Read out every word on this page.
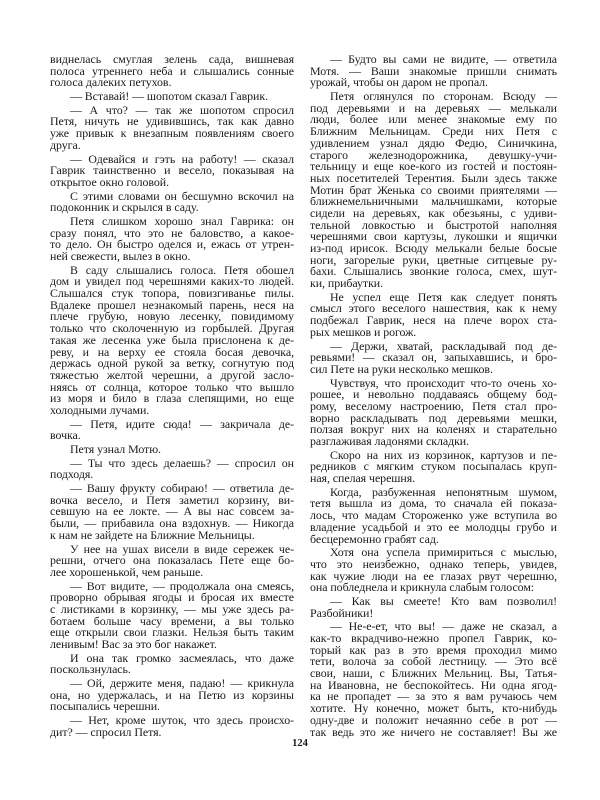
виднелась смуглая зелень сада, вишневая
полоса утреннего неба и слышались сонные
голоса далеких петухов.
— Вставай! — шопотом сказал Гаврик.
— А что? — так же шопотом спросил
Петя, ничуть не удивившись, так как давно
уже привык к внезапным появлениям своего
друга.
— Одевайся и гэть на работу! — сказал
Гаврик таинственно и весело, показывая на
открытое окно головой.
С этими словами он бесшумно вскочил на
подоконник и скрылся в саду.
Петя слишком хорошо знал Гаврика: он
сразу понял, что это не баловство, а какое-
то дело. Он быстро оделся и, ежась от утрен-
ней свежести, вылез в окно.
В саду слышались голоса. Петя обошел
дом и увидел под черешнями каких-то людей.
Слышался стук топора, повизгиванье пилы.
Вдалеке прошел незнакомый парень, неся на
плече грубую, новую лесенку, повидимому
только что сколоченную из горбылей. Другая
такая же лесенка уже была прислонена к де-
реву, и на верху ее стояла босая девочка,
держась одной рукой за ветку, согнутую под
тяжестью желтой черешни, а другой засло-
няясь от солнца, которое только что вышло
из моря и било в глаза слепящими, но еще
холодными лучами.
— Петя, идите сюда! — закричала де-
вочка.
Петя узнал Мотю.
— Ты что здесь делаешь? — спросил он
подходя.
— Вашу фрукту собираю! — ответила де-
вочка весело, и Петя заметил корзину, ви-
севшую на ее локте. — А вы нас совсем за-
были, — прибавила она вздохнув. — Никогда
к нам не зайдете на Ближние Мельницы.
У нее на ушах висели в виде сережек че-
решни, отчего она показалась Пете еще бо-
лее хорошенькой, чем раньше.
— Вот видите, — продолжала она смеясь,
проворно обрывая ягоды и бросая их вместе
с листиками в корзинку, — мы уже здесь ра-
ботаем больше часу времени, а вы только
еще открыли свои глазки. Нельзя быть таким
ленивым! Вас за это бог накажет.
И она так громко засмеялась, что даже
поскользнулась.
— Ой, держите меня, падаю! — крикнула
она, но удержалась, и на Петю из корзины
посыпались черешни.
— Нет, кроме шуток, что здесь происхо-
дит? — спросил Петя.
— Будто вы сами не видите, — ответила
Мотя. — Ваши знакомые пришли снимать
урожай, чтобы он даром не пропал.
Петя оглянулся по сторонам. Всюду —
под деревьями и на деревьях — мелькали
люди, более или менее знакомые ему по
Ближним Мельницам. Среди них Петя с
удивлением узнал дядю Федю, Синичкина,
старого железнодорожника, девушку-учи-
тельницу и еще кое-кого из гостей и постоян-
ных посетителей Терентия. Были здесь также
Мотин брат Женька со своими приятелями —
ближнемельничными мальчишками, которые
сидели на деревьях, как обезьяны, с удиви-
тельной ловкостью и быстротой наполняя
черешнями свои картузы, лукошки и ящички
из-под ирисок. Всюду мелькали белые босые
ноги, загорелые руки, цветные ситцевые ру-
бахи. Слышались звонкие голоса, смех, шут-
ки, прибаутки.
Не успел еще Петя как следует понять
смысл этого веселого нашествия, как к нему
подбежал Гаврик, неся на плече ворох ста-
рых мешков и рогож.
— Держи, хватай, раскладывай под де-
ревьями! — сказал он, запыхавшись, и бро-
сил Пете на руки несколько мешков.
Чувствуя, что происходит что-то очень хо-
рошее, и невольно поддаваясь общему бод-
рому, веселому настроению, Петя стал про-
ворно раскладывать под деревьями мешки,
ползая вокруг них на коленях и старательно
разглаживая ладонями складки.
Скоро на них из корзинок, картузов и пе-
редников с мягким стуком посыпалась круп-
ная, спелая черешня.
Когда, разбуженная непонятным шумом,
тетя вышла из дома, то сначала ей показа-
лось, что мадам Стороженко уже вступила во
владение усадьбой и это ее молодцы грубо и
бесцеремонно грабят сад.
Хотя она успела примириться с мыслью,
что это неизбежно, однако теперь, увидев,
как чужие люди на ее глазах рвут черешню,
она побледнела и крикнула слабым голосом:
— Как вы смеете! Кто вам позволил!
Разбойники!
— Не-е-ет, что вы! — даже не сказал, а
как-то вкрадчиво-нежно пропел Гаврик, ко-
торый как раз в это время проходил мимо
тети, волоча за собой лестницу. — Это всё
свои, наши, с Ближних Мельниц. Вы, Татья-
на Ивановна, не беспокойтесь. Ни одна ягод-
ка не пропадет — за это я вам ручаюсь чем
хотите. Ну конечно, может быть, кто-нибудь
одну-две и положит нечаянно себе в рот —
так ведь это же ничего не составляет! Вы же
124
